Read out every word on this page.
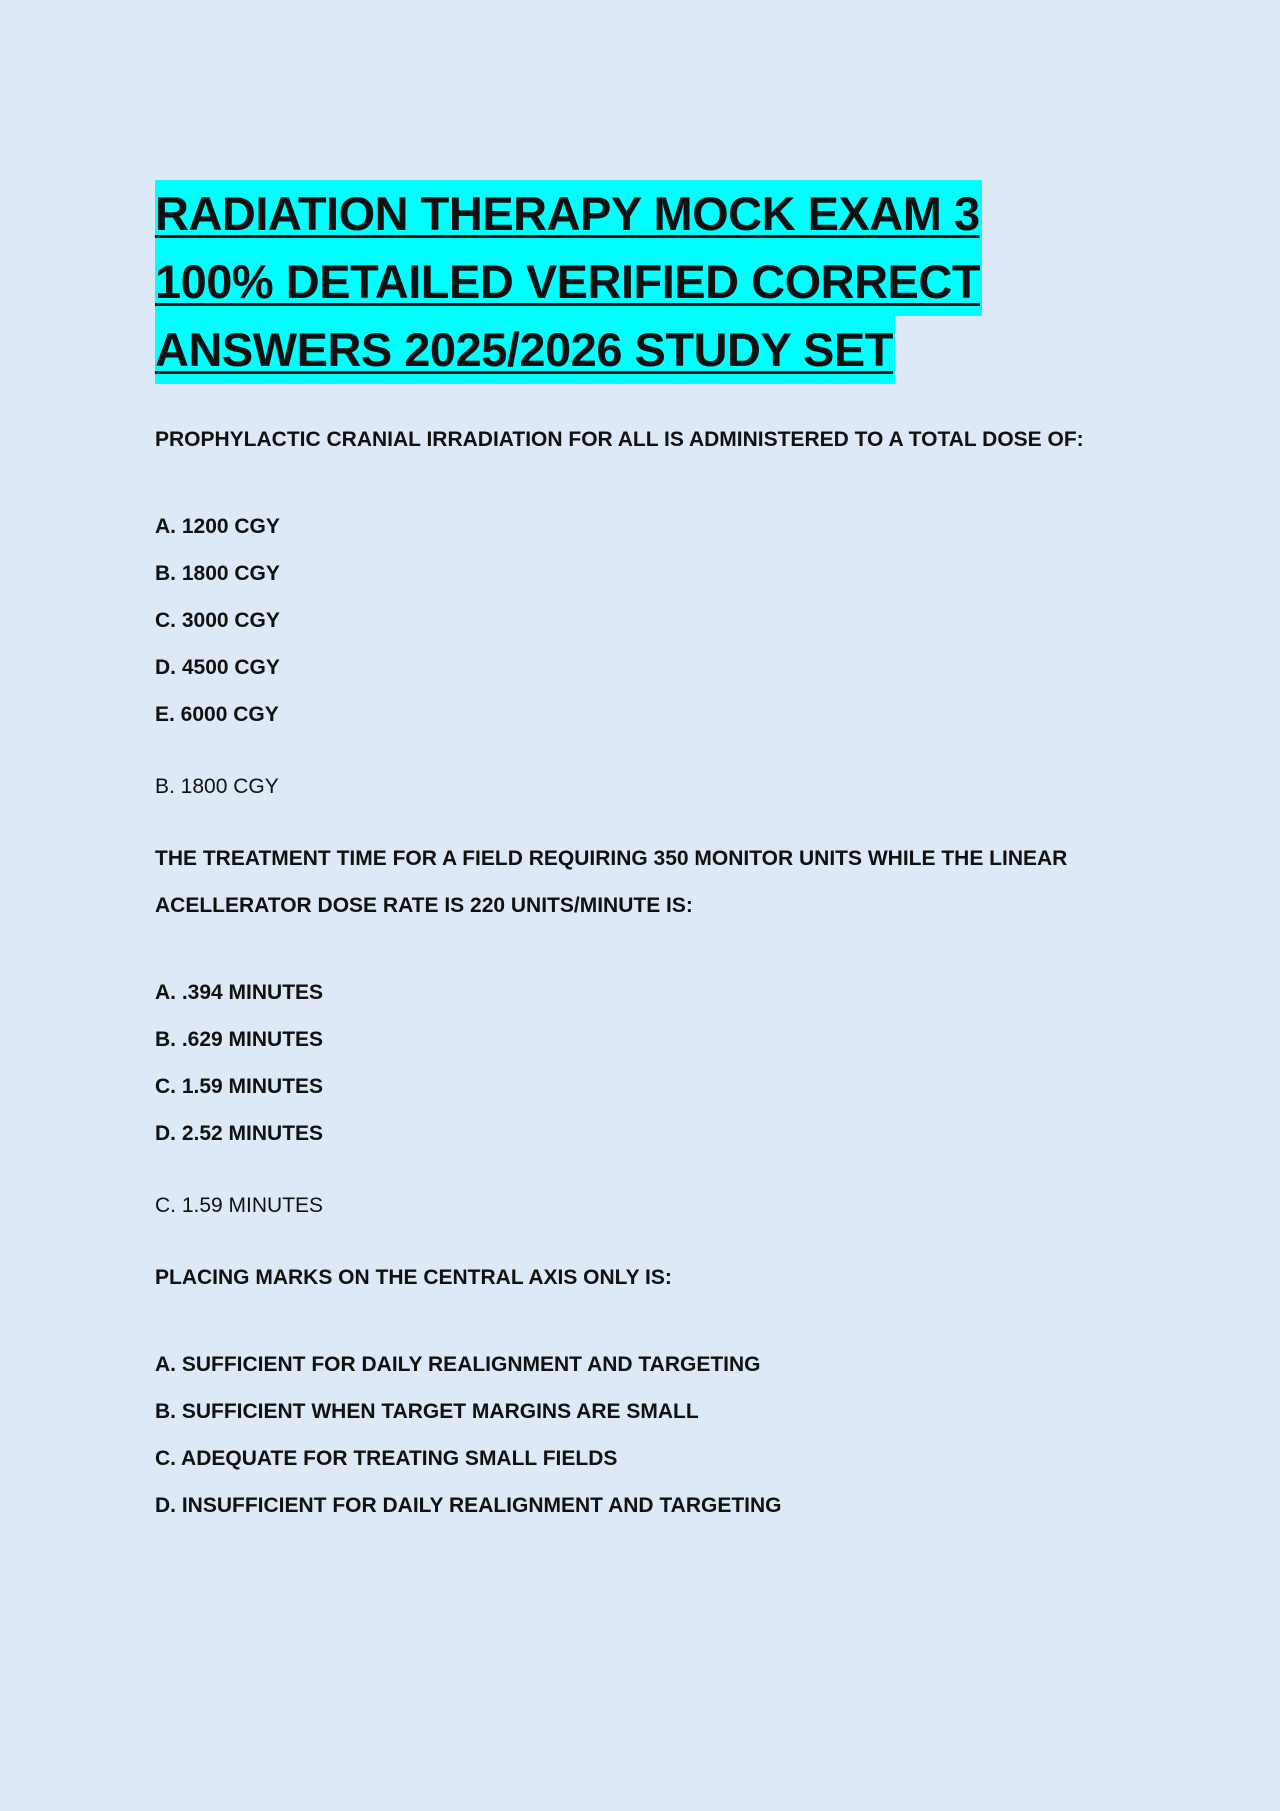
RADIATION THERAPY MOCK EXAM 3
100% DETAILED VERIFIED CORRECT
ANSWERS 2025/2026 STUDY SET

PROPHYLACTIC CRANIAL IRRADIATION FOR ALL IS ADMINISTERED TO A TOTAL DOSE OF:

A. 1200 CGY
B. 1800 CGY
C. 3000 CGY
D. 4500 CGY
E. 6000 CGY

B. 1800 CGY

THE TREATMENT TIME FOR A FIELD REQUIRING 350 MONITOR UNITS WHILE THE LINEAR ACELLERATOR DOSE RATE IS 220 UNITS/MINUTE IS:

A. .394 MINUTES
B. .629 MINUTES
C. 1.59 MINUTES
D. 2.52 MINUTES

C. 1.59 MINUTES

PLACING MARKS ON THE CENTRAL AXIS ONLY IS:

A. SUFFICIENT FOR DAILY REALIGNMENT AND TARGETING
B. SUFFICIENT WHEN TARGET MARGINS ARE SMALL
C. ADEQUATE FOR TREATING SMALL FIELDS
D. INSUFFICIENT FOR DAILY REALIGNMENT AND TARGETING
